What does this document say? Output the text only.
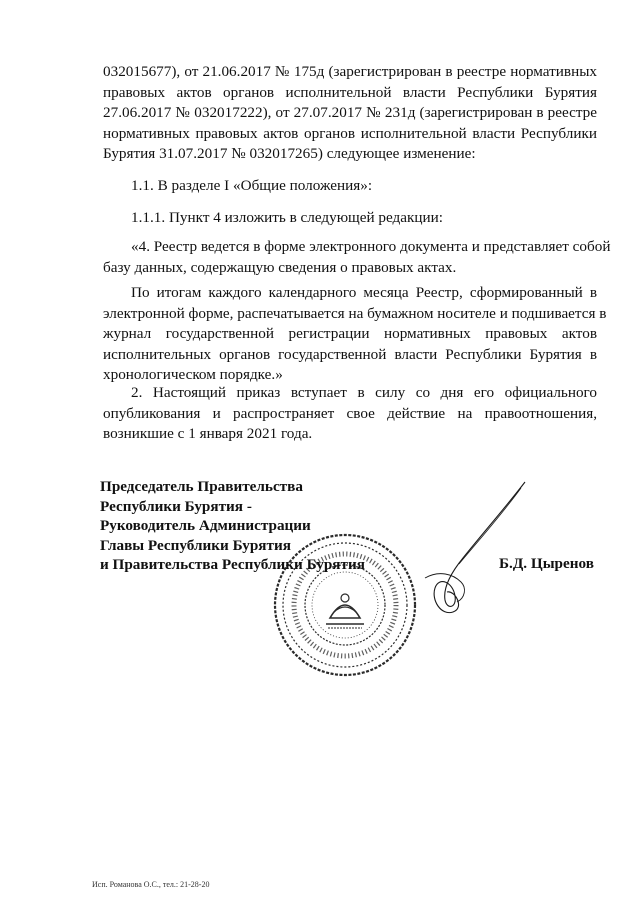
032015677), от 21.06.2017 № 175д (зарегистрирован в реестре нормативных
правовых актов органов исполнительной власти Республики Бурятия
27.06.2017 № 032017222), от 27.07.2017 № 231д (зарегистрирован в реестре
нормативных правовых актов органов исполнительной власти Республики
Бурятия 31.07.2017 № 032017265) следующее изменение:
1.1. В разделе I «Общие положения»:
1.1.1. Пункт 4 изложить в следующей редакции:
«4. Реестр ведется в форме электронного документа и представляет собой
базу данных, содержащую сведения о правовых актах.
По итогам каждого календарного месяца Реестр, сформированный в
электронной форме, распечатывается на бумажном носителе и подшивается в
журнал государственной регистрации нормативных правовых актов
исполнительных органов государственной власти Республики Бурятия в
хронологическом порядке.»
2. Настоящий приказ вступает в силу со дня его официального
опубликования и распространяет свое действие на правоотношения,
возникшие с 1 января 2021 года.
Председатель Правительства
Республики Бурятия -
Руководитель Администрации
Главы Республики Бурятия
и Правительства Республики Бурятия	Б.Д. Цыренов
Исп. Романова О.С., тел.: 21-28-20
